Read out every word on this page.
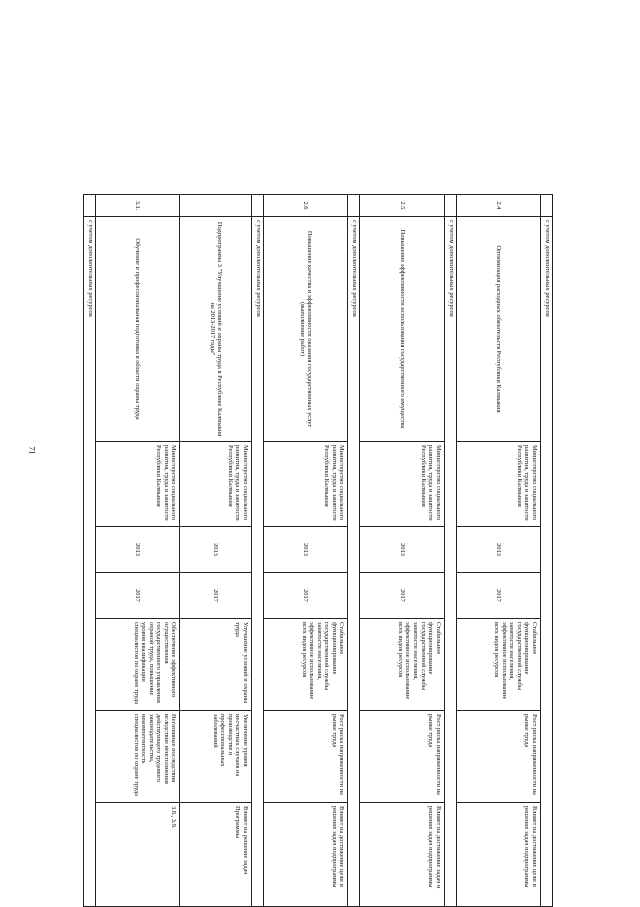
71
	с учетом дополнительных ресурсов						
2.4	Оптимизация расходных обязательств Республики Калмыкия	Министерство социального развития, труда и занятости Республики Калмыкия	2013	2017	Стабильное функционирование государственной службы занятости населения, эффективное использование всех видов ресурсов	Рост риска напряженности на рынке труда	Влияет на достижение цели и решение задач подпрограммы
	с учетом дополнительных ресурсов						
2.5	Повышение эффективности использования государственного имущества	Министерство социального развития, труда и занятости Республики Калмыкия	2013	2017	Стабильное функционирование государственной службы занятости населения, эффективное использование всех видов ресурсов	Рост риска напряженности на рынке труда	Влияет на достижение задач и решение задач подпрограммы
	с учетом дополнительных ресурсов						
2.6	Повышение качества и эффективности оказания государственных услуг (выполнение работ)	Министерство социального развития, труда и занятости Республики Калмыкия	2013	2017	Стабильное функционирование государственной службы занятости населения, эффективное использование всех видов ресурсов	Рост риска напряженности на рынке труда	Влияет на достижение цели и решение задач подпрограммы
	с учетом дополнительных ресурсов						
	Подпрограмма 3 "Улучшение условий и охраны труда в Республике Калмыкия на 2013-2017 годы"	Министерство социального развития, труда и занятости Республики Калмыкия	2013	2017	Улучшение условий и охраны труда	Увеличение уровня несчастных случаев на производстве и профессиональных заболеваний	Влияет на решение задач Программы
3.1.	Обучение и профессиональная подготовка в области охраны труда	Министерство социального развития, труда и занятости Республики Калмыкия	2013	2017	Обеспечение эффективного осуществления государственного управления охраной труда, повышение уровня квалификации специалистов по охране труда	Негативные последствия вследствие неисполнения действующего трудового законодательства, некомпетентность специалистов по охране труда	3.8., 3.9.
	с учетом дополнительных ресурсов						
